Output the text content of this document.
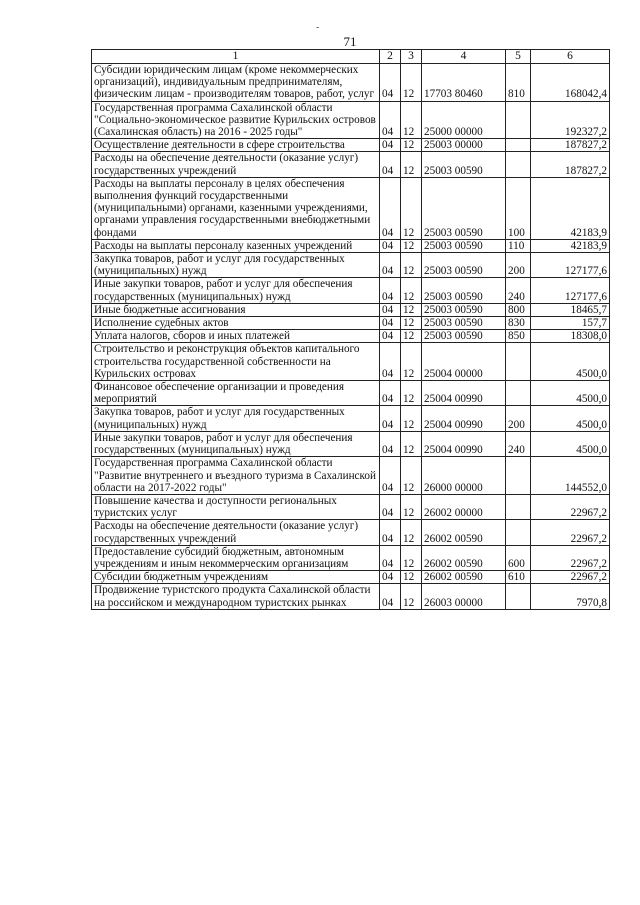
-
71
1	2	3	4	5	6
Субсидии юридическим лицам (кроме некоммерческих организаций), индивидуальным предпринимателям, физическим лицам - производителям товаров, работ, услуг	04	12	17703 80460	810	168042,4
Государственная программа Сахалинской области "Социально-экономическое развитие Курильских островов (Сахалинская область) на 2016 - 2025 годы"	04	12	25000 00000		192327,2
Осуществление деятельности в сфере строительства	04	12	25003 00000		187827,2
Расходы на обеспечение деятельности (оказание услуг) государственных учреждений	04	12	25003 00590		187827,2
Расходы на выплаты персоналу в целях обеспечения выполнения функций государственными (муниципальными) органами, казенными учреждениями, органами управления государственными внебюджетными фондами	04	12	25003 00590	100	42183,9
Расходы на выплаты персоналу казенных учреждений	04	12	25003 00590	110	42183,9
Закупка товаров, работ и услуг для государственных (муниципальных) нужд	04	12	25003 00590	200	127177,6
Иные закупки товаров, работ и услуг для обеспечения государственных (муниципальных) нужд	04	12	25003 00590	240	127177,6
Иные бюджетные ассигнования	04	12	25003 00590	800	18465,7
Исполнение судебных актов	04	12	25003 00590	830	157,7
Уплата налогов, сборов и иных платежей	04	12	25003 00590	850	18308,0
Строительство и реконструкция объектов капитального строительства государственной собственности на Курильских островах	04	12	25004 00000		4500,0
Финансовое обеспечение организации и проведения мероприятий	04	12	25004 00990		4500,0
Закупка товаров, работ и услуг для государственных (муниципальных) нужд	04	12	25004 00990	200	4500,0
Иные закупки товаров, работ и услуг для обеспечения государственных (муниципальных) нужд	04	12	25004 00990	240	4500,0
Государственная программа Сахалинской области "Развитие внутреннего и въездного туризма в Сахалинской области на 2017-2022 годы"	04	12	26000 00000		144552,0
Повышение качества и доступности региональных туристских услуг	04	12	26002 00000		22967,2
Расходы на обеспечение деятельности (оказание услуг) государственных учреждений	04	12	26002 00590		22967,2
Предоставление субсидий бюджетным, автономным учреждениям и иным некоммерческим организациям	04	12	26002 00590	600	22967,2
Субсидии бюджетным учреждениям	04	12	26002 00590	610	22967,2
Продвижение туристского продукта Сахалинской области на российском и международном туристских рынках	04	12	26003 00000		7970,8
